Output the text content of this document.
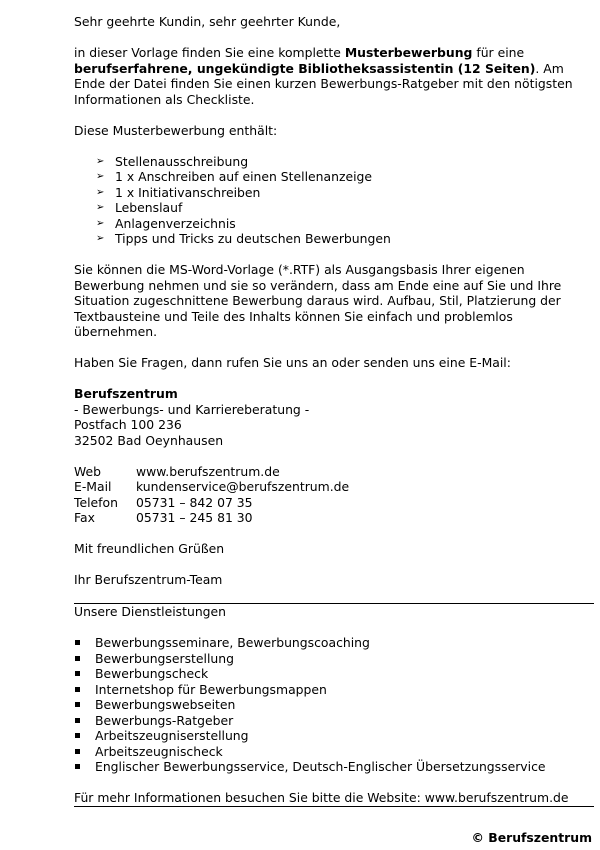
Sehr geehrte Kundin, sehr geehrter Kunde,

in dieser Vorlage finden Sie eine komplette Musterbewerbung für eine berufserfahrene, ungekündigte Bibliotheksassistentin (12 Seiten). Am Ende der Datei finden Sie einen kurzen Bewerbungs-Ratgeber mit den nötigsten Informationen als Checkliste.

Diese Musterbewerbung enthält:

➢ Stellenausschreibung
➢ 1 x Anschreiben auf einen Stellenanzeige
➢ 1 x Initiativanschreiben
➢ Lebenslauf
➢ Anlagenverzeichnis
➢ Tipps und Tricks zu deutschen Bewerbungen

Sie können die MS-Word-Vorlage (*.RTF) als Ausgangsbasis Ihrer eigenen Bewerbung nehmen und sie so verändern, dass am Ende eine auf Sie und Ihre Situation zugeschnittene Bewerbung daraus wird. Aufbau, Stil, Platzierung der Textbausteine und Teile des Inhalts können Sie einfach und problemlos übernehmen.

Haben Sie Fragen, dann rufen Sie uns an oder senden uns eine E-Mail:

Berufszentrum

- Bewerbungs- und Karriereberatung -

Postfach 100 236

32502 Bad Oeynhausen

Web	www.berufszentrum.de
E-Mail	kundenservice@berufszentrum.de
Telefon	05731 – 842 07 35
Fax	05731 – 245 81 30

Mit freundlichen Grüßen

Ihr Berufszentrum-Team

Unsere Dienstleistungen

Bewerbungsseminare, Bewerbungscoaching
Bewerbungserstellung
Bewerbungscheck
Internetshop für Bewerbungsmappen
Bewerbungswebseiten
Bewerbungs-Ratgeber
Arbeitszeugniserstellung
Arbeitszeugnischeck
Englischer Bewerbungsservice, Deutsch-Englischer Übersetzungsservice

Für mehr Informationen besuchen Sie bitte die Website: www.berufszentrum.de

© Berufszentrum
